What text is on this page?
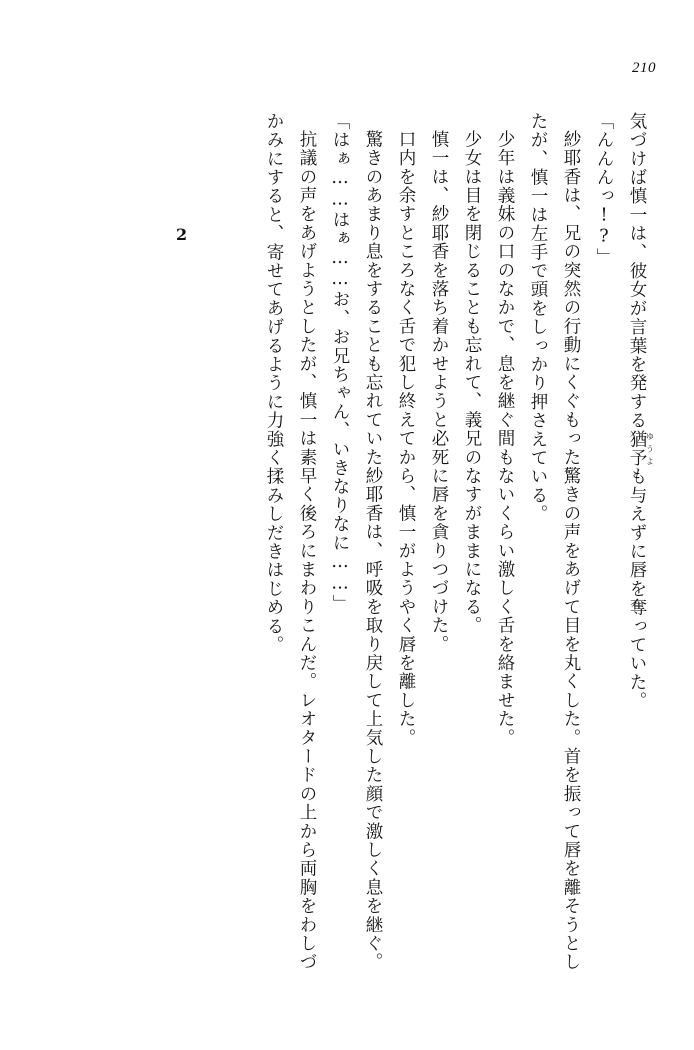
210
2	気づけば慎一は、彼女が言葉を発する猶予ゆうよも与えずに唇を奪っていた。

「んんんっ!?」

紗耶香は、兄の突然の行動にくぐもった驚きの声をあげて目を丸くした。首を振って唇を離そうとしたが、慎一は左手で頭をしっかり押さえている。

少年は義妹の口のなかで、息を継ぐ間もないくらい激しく舌を絡ませた。

少女は目を閉じることも忘れて、義兄のなすがままになる。

慎一は、紗耶香を落ち着かせようと必死に唇を貪りつづけた。

口内を余すところなく舌で犯し終えてから、慎一がようやく唇を離した。

驚きのあまり息をすることも忘れていた紗耶香は、呼吸を取り戻して上気した顔で激しく息を継ぐ。

「はぁ……はぁ……お、お兄ちゃん、いきなりなに……」

抗議の声をあげようとしたが、慎一は素早く後ろにまわりこんだ。レオタードの上から両胸をわしづかみにすると、寄せてあげるように力強く揉みしだきはじめる。
